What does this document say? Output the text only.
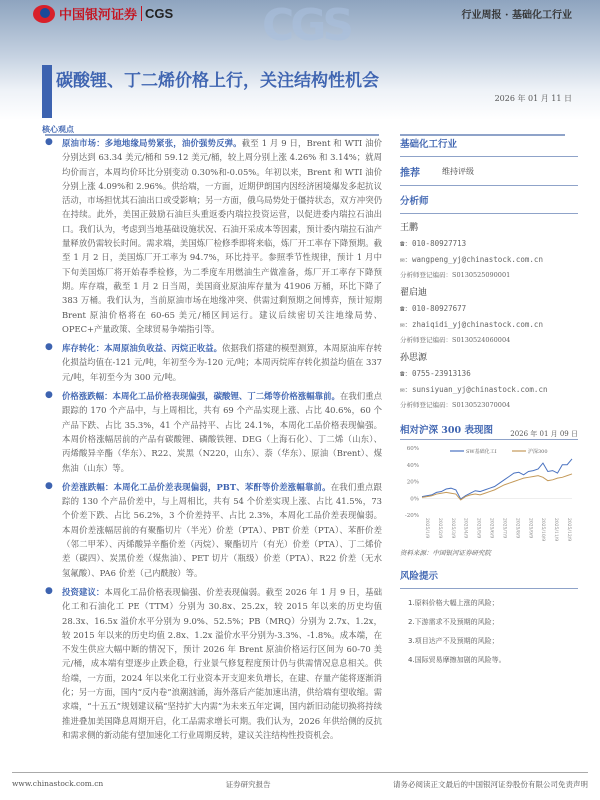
CGS
中国银河证券 CGS	行业周报 · 基础化工行业
碳酸锂、丁二烯价格上行，关注结构性机会
2026 年 01 月 11 日
核心观点
●	原油市场：多地地缘局势紧张，油价强势反弹。截至 1 月 9 日，Brent 和 WTI 油价分别达到 63.34 美元/桶和 59.12 美元/桶，较上周分别上涨 4.26% 和 3.14%；就周均价而言，本周均价环比分别变动 0.30%和-0.05%。年初以来，Brent 和 WTI 油价分别上涨 4.09%和 2.96%。供给端，一方面，近期伊朗国内因经济困境爆发多起抗议活动，市场担忧其石油出口或受影响；另一方面，俄乌局势处于僵持状态，双方冲突仍在持续。此外，美国正鼓励石油巨头重返委内瑞拉投资运营，以促进委内瑞拉石油出口。我们认为，考虑到当地基础设施状况、石油开采成本等因素，预计委内瑞拉石油产量释放仍需较长时间。需求端，美国炼厂检修季即将来临，炼厂开工率存下降预期。截至 1 月 2 日，美国炼厂开工率为 94.7%，环比持平。参照季节性规律，预计 1 月中下旬美国炼厂将开始春季检修，为二季度车用燃油生产做准备，炼厂开工率存下降预期。库存端，截至 1 月 2 日当周，美国商业原油库存量为 41906 万桶，环比下降了 383 万桶。我们认为，当前原油市场在地缘冲突、供需过剩预期之间博弈，预计短期 Brent 原油价格将在 60-65 美元/桶区间运行。建议后续密切关注地缘局势、OPEC+产量政策、全球贸易争端指引等。

●	库存转化：本周原油负收益、丙烷正收益。依据我们搭建的模型测算，本周原油库存转化损益均值在-121 元/吨，年初至今为-120 元/吨；本周丙烷库存转化损益均值在 337 元/吨，年初至今为 300 元/吨。

●	价格涨跌幅：本周化工品价格表现偏强，碳酸锂、丁二烯等价格涨幅靠前。在我们重点跟踪的 170 个产品中，与上周相比，共有 69 个产品实现上涨、占比 40.6%，60 个产品下跌、占比 35.3%，41 个产品持平、占比 24.1%，本周化工品价格表现偏强。本周价格涨幅居前的产品有碳酸锂、磷酸铁锂、DEG（上海石化）、丁二烯（山东）、丙烯酸异辛酯（华东）、R22、炭黑（N220，山东）、萘（华东）、原油（Brent）、煤焦油（山东）等。

●	价差涨跌幅：本周化工品价差表现偏弱，PBT、苯酐等价差涨幅靠前。在我们重点跟踪的 130 个产品价差中，与上周相比，共有 54 个价差实现上涨、占比 41.5%，73 个价差下跌、占比 56.2%，3 个价差持平、占比 2.3%，本周化工品价差表现偏弱。本周价差涨幅居前的有聚酯切片（半光）价差（PTA）、PBT 价差（PTA）、苯酐价差（邻二甲苯）、丙烯酸异辛酯价差（丙烷）、聚酯切片（有光）价差（PTA）、丁二烯价差（碳四）、炭黑价差（煤焦油）、PET 切片（瓶级）价差（PTA）、R22 价差（无水氢氟酸）、PA6 价差（己内酰胺）等。

●	投资建议：本周化工品价格表现偏强、价差表现偏弱。截至 2026 年 1 月 9 日，基础化工和石油化工 PE（TTM）分别为 30.8x、25.2x，较 2015 年以来的历史均值 28.3x、16.5x 溢价水平分别为 9.0%、52.5%；PB（MRQ）分别为 2.7x、1.2x，较 2015 年以来的历史均值 2.8x、1.2x 溢价水平分别为-3.3%、-1.8%。成本端，在不发生供应大幅中断的情况下，预计 2026 年 Brent 原油价格运行区间为 60-70 美元/桶，成本端有望逐步止跌企稳，行业景气修复程度预计仍与供需情况息息相关。供给端，一方面，2024 年以来化工行业资本开支迎来负增长，在建、存量产能将逐渐消化；另一方面，国内“反内卷”浪潮汹涌，海外落后产能加速出清，供给端有望收缩。需求端，“十五五”规划建议稿“坚持扩大内需”为未来五年定调，国内新旧动能切换将持续推进叠加美国降息周期开启，化工品需求增长可期。我们认为，2026 年供给侧的反抗和需求侧的新动能有望加速化工行业周期反转，建议关注结构性投资机会。

基础化工行业
推荐	维持评级
分析师
王鹏
☎：010-80927713
✉：wangpeng_yj@chinastock.com.cn
分析师登记编码：S0130525090001
翟启迪
☎：010-80927677
✉：zhaiqidi_yj@chinastock.com.cn
分析师登记编码：S0130524060004
孙思源
☎：0755-23913136
✉：sunsiyuan_yj@chinastock.com.cn
分析师登记编码：S0130523070004
相对沪深 300 表现图 2026 年 01 月 09 日
60%
40%
20%
0%
-20%
2025/1/9 2025/2/9 2025/3/9 2025/4/9 2025/5/9 2025/6/9 2025/7/9 2025/8/9 2025/9/9 2025/10/9 2025/11/9 2025/12/9
SW基础化工Ⅰ	沪深300
资料来源：中国银河证券研究院
风险提示
1.原料价格大幅上涨的风险；
2.下游需求不及预期的风险；
3.项目达产不及预期的风险；
4.国际贸易摩擦加剧的风险等。
www.chinastock.com.cn	证券研究报告	请务必阅读正文最后的中国银河证券股份有限公司免责声明
